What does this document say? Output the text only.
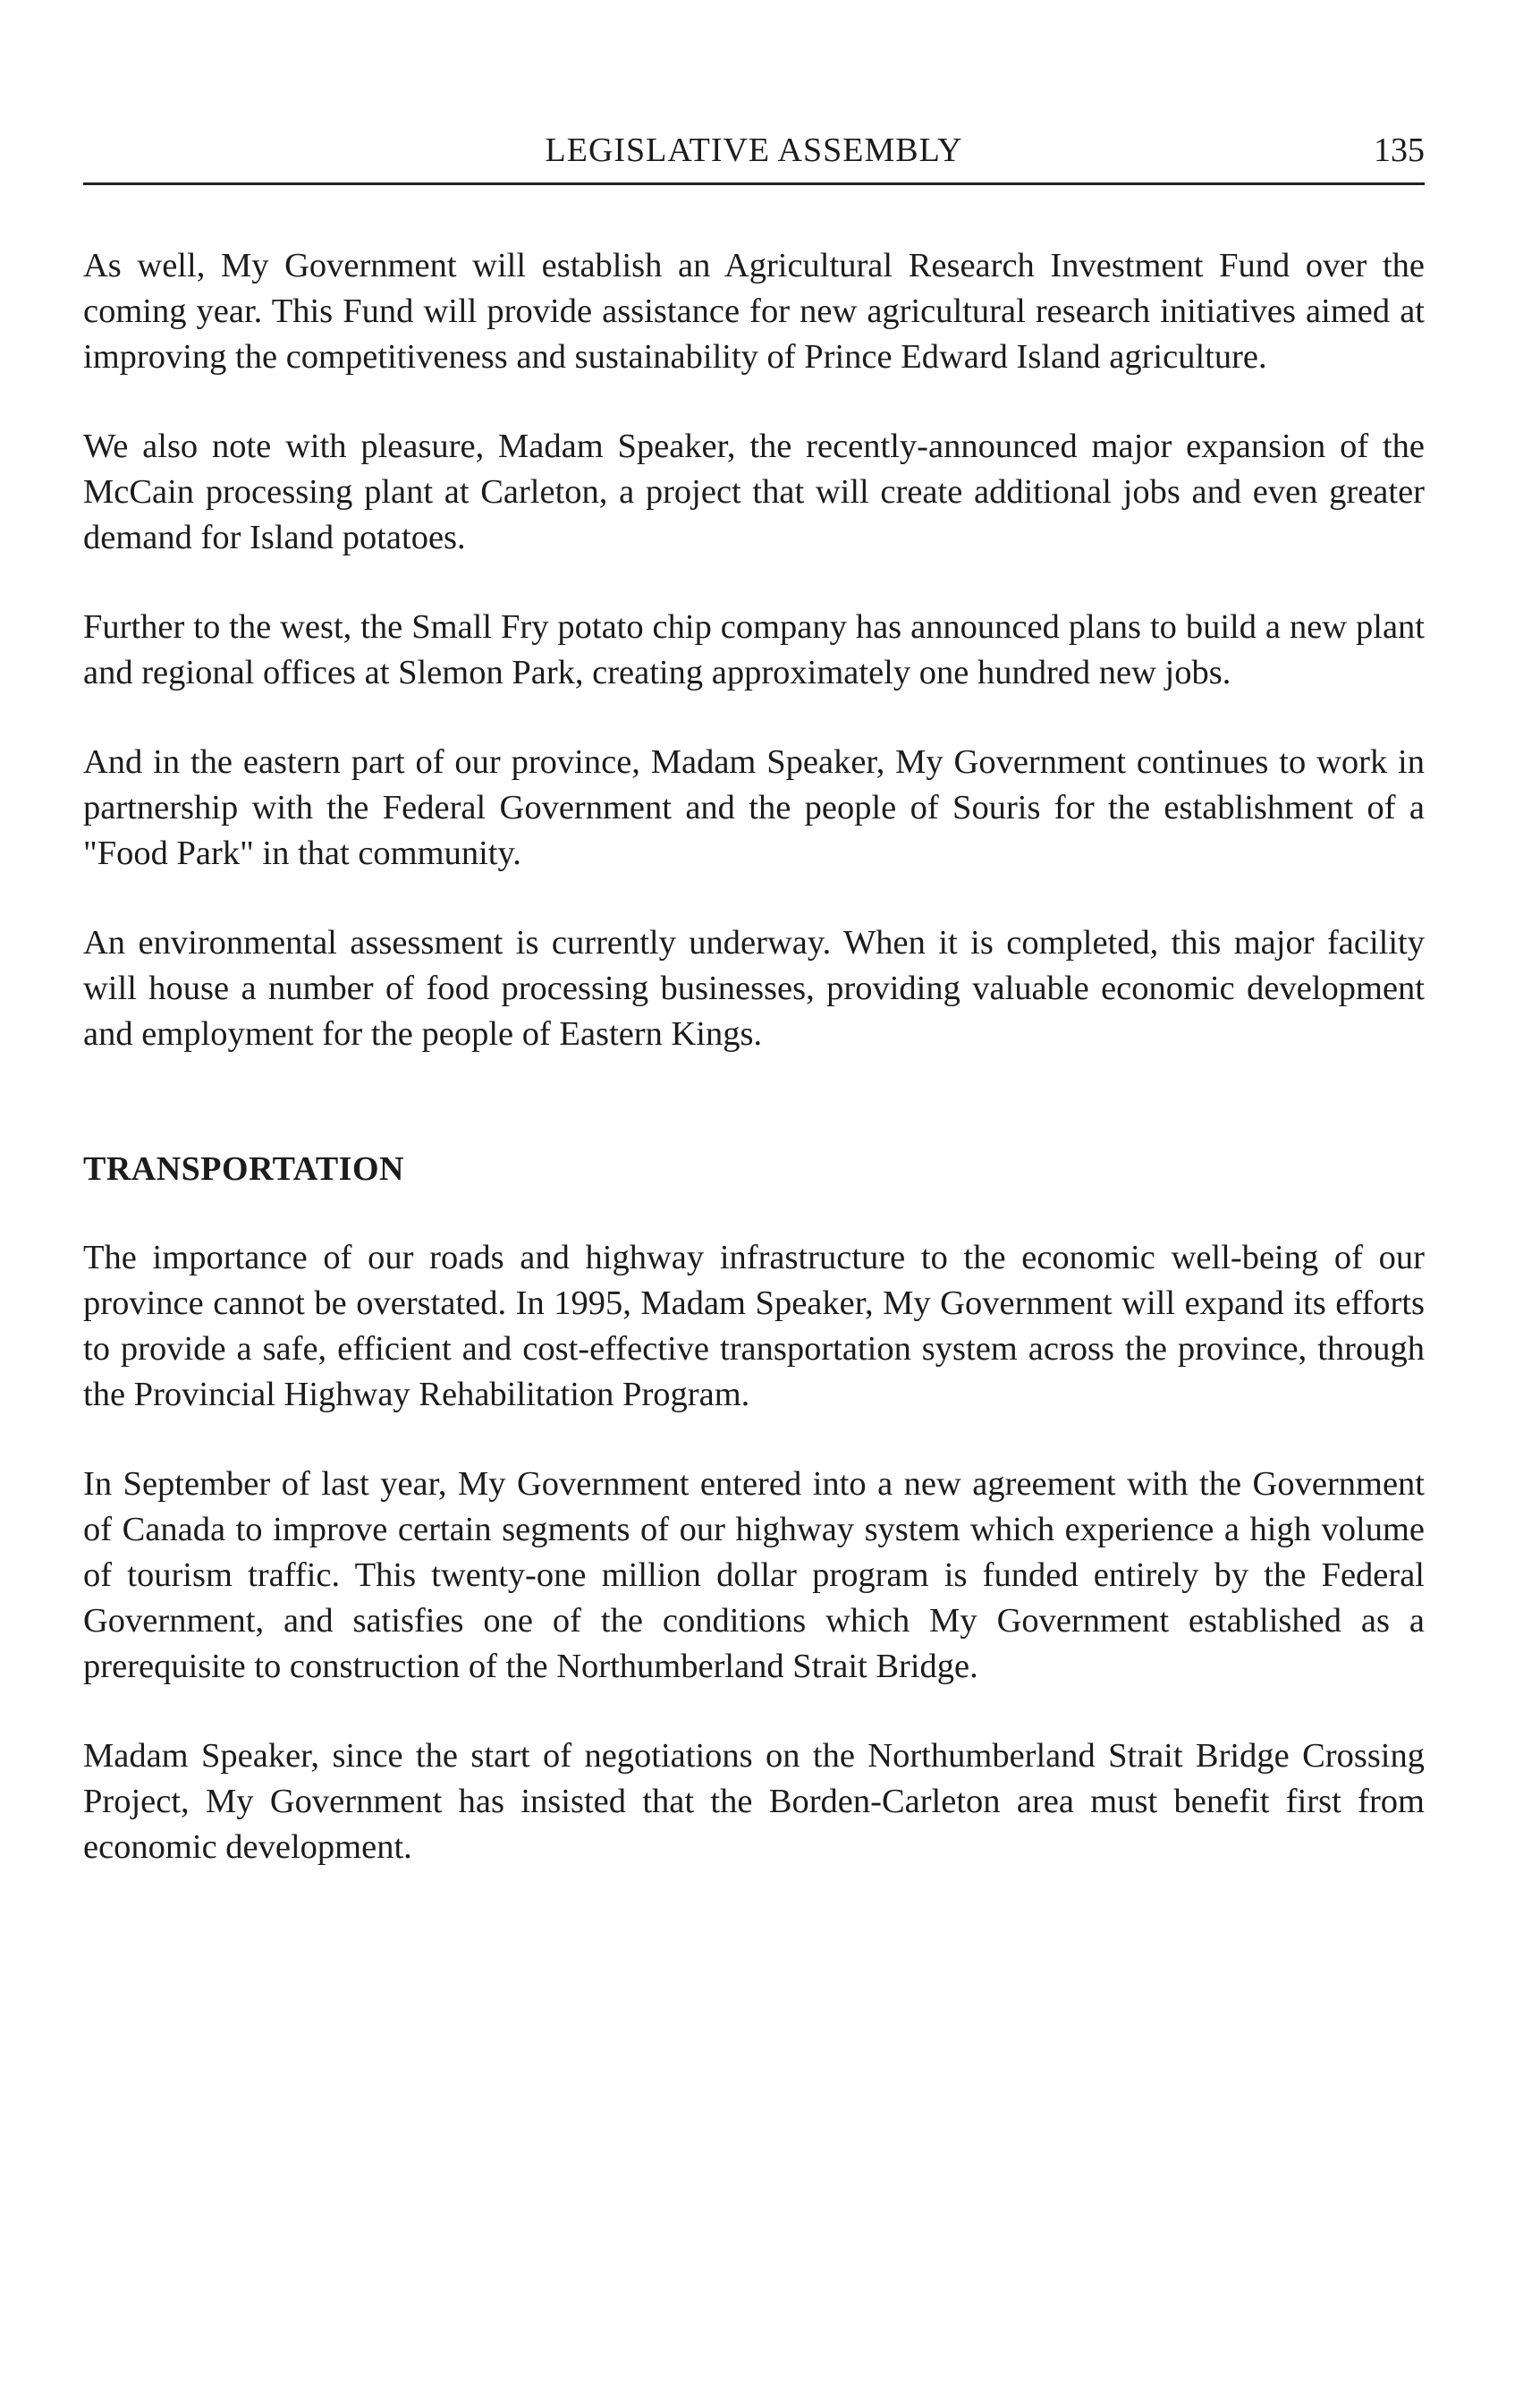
LEGISLATIVE ASSEMBLY	135

As well, My Government will establish an Agricultural Research Investment Fund over the coming year. This Fund will provide assistance for new agricultural research initiatives aimed at improving the competitiveness and sustainability of Prince Edward Island agriculture.

We also note with pleasure, Madam Speaker, the recently-announced major expansion of the McCain processing plant at Carleton, a project that will create additional jobs and even greater demand for Island potatoes.

Further to the west, the Small Fry potato chip company has announced plans to build a new plant and regional offices at Slemon Park, creating approximately one hundred new jobs.

And in the eastern part of our province, Madam Speaker, My Government continues to work in partnership with the Federal Government and the people of Souris for the establishment of a "Food Park" in that community.

An environmental assessment is currently underway. When it is completed, this major facility will house a number of food processing businesses, providing valuable economic development and employment for the people of Eastern Kings.

TRANSPORTATION

The importance of our roads and highway infrastructure to the economic well-being of our province cannot be overstated. In 1995, Madam Speaker, My Government will expand its efforts to provide a safe, efficient and cost-effective transportation system across the province, through the Provincial Highway Rehabilitation Program.

In September of last year, My Government entered into a new agreement with the Government of Canada to improve certain segments of our highway system which experience a high volume of tourism traffic. This twenty-one million dollar program is funded entirely by the Federal Government, and satisfies one of the conditions which My Government established as a prerequisite to construction of the Northumberland Strait Bridge.

Madam Speaker, since the start of negotiations on the Northumberland Strait Bridge Crossing Project, My Government has insisted that the Borden-Carleton area must benefit first from economic development.
